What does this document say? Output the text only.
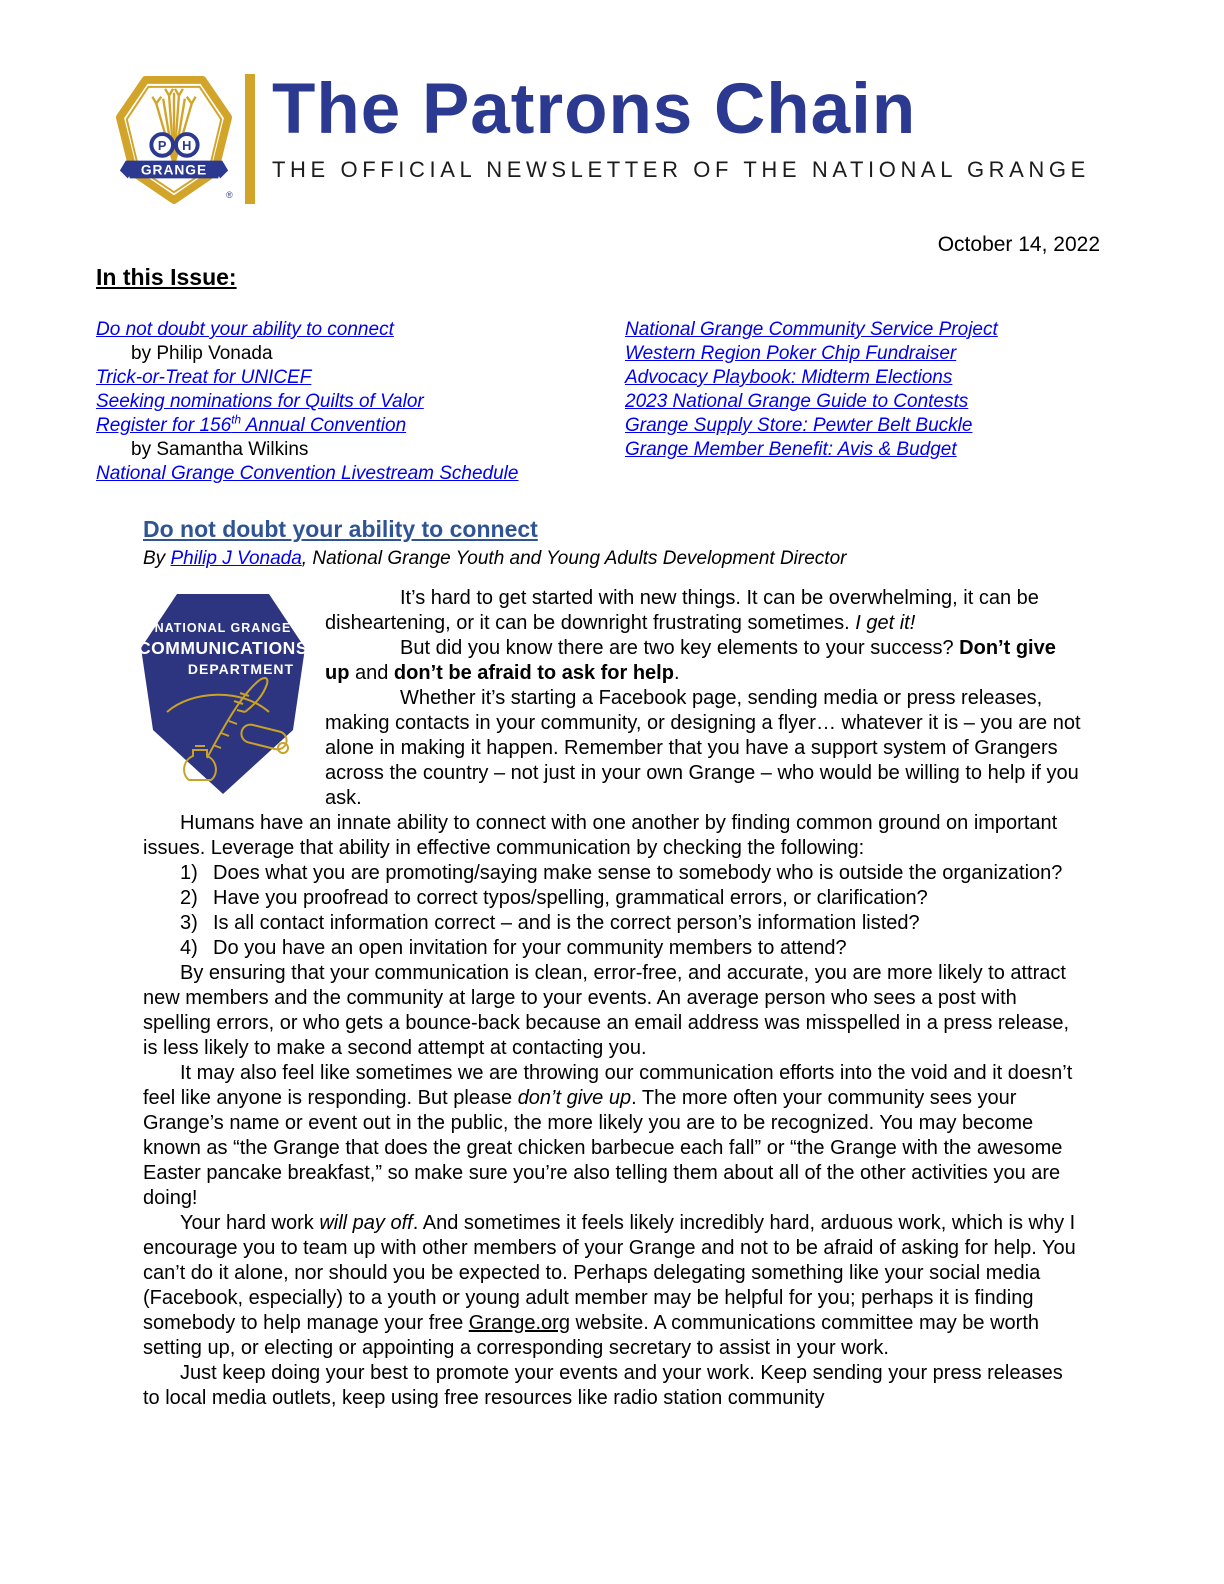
P H
GRANGE
®
The Patrons Chain
THE OFFICIAL NEWSLETTER OF THE NATIONAL GRANGE
October 14, 2022
In this Issue:
Do not doubt your ability to connect
by Philip Vonada
Trick-or-Treat for UNICEF
Seeking nominations for Quilts of Valor
Register for 156th Annual Convention
by Samantha Wilkins
National Grange Convention Livestream Schedule
National Grange Community Service Project
Western Region Poker Chip Fundraiser
Advocacy Playbook: Midterm Elections
2023 National Grange Guide to Contests
Grange Supply Store: Pewter Belt Buckle
Grange Member Benefit: Avis & Budget
Do not doubt your ability to connect
By Philip J Vonada, National Grange Youth and Young Adults Development Director
NATIONAL GRANGE
COMMUNICATIONS
DEPARTMENT

It’s hard to get started with new things. It can be overwhelming, it can be disheartening, or it can be downright frustrating sometimes. I get it!

But did you know there are two key elements to your success? Don’t give up and don’t be afraid to ask for help.

Whether it’s starting a Facebook page, sending media or press releases, making contacts in your community, or designing a flyer… whatever it is – you are not alone in making it happen. Remember that you have a support system of Grangers across the country – not just in your own Grange – who would be willing to help if you ask.

Humans have an innate ability to connect with one another by finding common ground on important issues. Leverage that ability in effective communication by checking the following:

Does what you are promoting/saying make sense to somebody who is outside the organization?
Have you proofread to correct typos/spelling, grammatical errors, or clarification?
Is all contact information correct – and is the correct person’s information listed?
Do you have an open invitation for your community members to attend?

By ensuring that your communication is clean, error-free, and accurate, you are more likely to attract new members and the community at large to your events. An average person who sees a post with spelling errors, or who gets a bounce-back because an email address was misspelled in a press release, is less likely to make a second attempt at contacting you.

It may also feel like sometimes we are throwing our communication efforts into the void and it doesn’t feel like anyone is responding. But please don’t give up. The more often your community sees your Grange’s name or event out in the public, the more likely you are to be recognized. You may become known as “the Grange that does the great chicken barbecue each fall” or “the Grange with the awesome Easter pancake breakfast,” so make sure you’re also telling them about all of the other activities you are doing!

Your hard work will pay off. And sometimes it feels likely incredibly hard, arduous work, which is why I encourage you to team up with other members of your Grange and not to be afraid of asking for help. You can’t do it alone, nor should you be expected to. Perhaps delegating something like your social media (Facebook, especially) to a youth or young adult member may be helpful for you; perhaps it is finding somebody to help manage your free Grange.org website. A communications committee may be worth setting up, or electing or appointing a corresponding secretary to assist in your work.

Just keep doing your best to promote your events and your work. Keep sending your press releases to local media outlets, keep using free resources like radio station community
